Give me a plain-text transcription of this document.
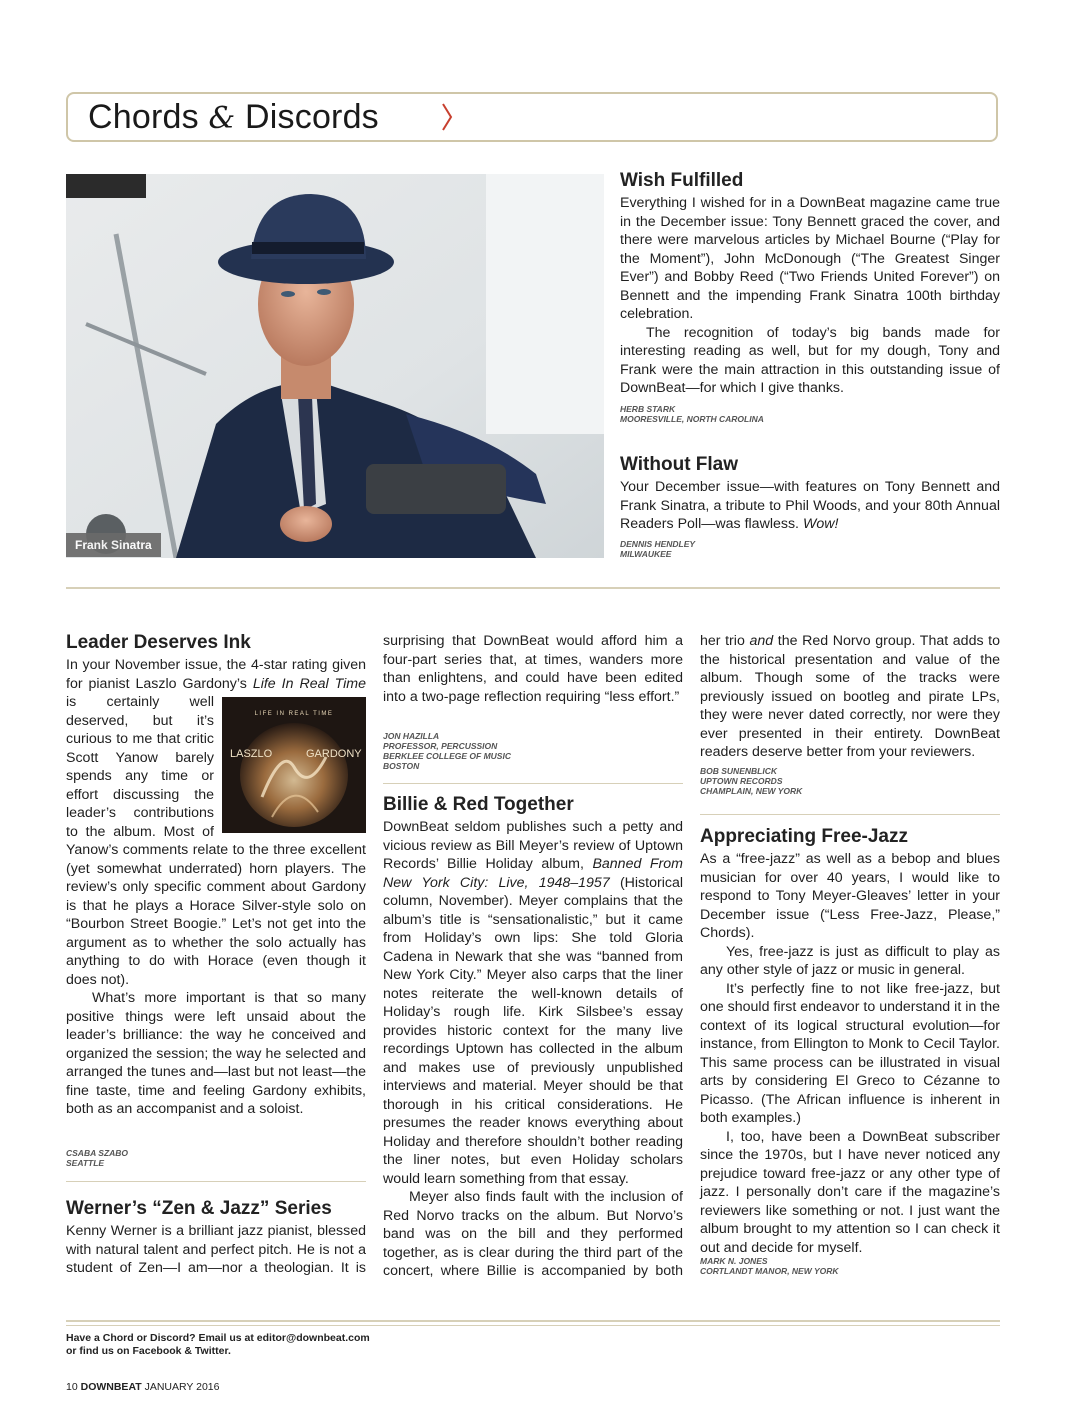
Chords & Discords
Frank Sinatra
Wish Fulfilled

Everything I wished for in a DownBeat magazine came true in the December issue: Tony Bennett graced the cover, and there were marvelous articles by Michael Bourne (“Play for the Moment”), John McDonough (“The Greatest Singer Ever”) and Bobby Reed (“Two Friends United Forever”) on Bennett and the impending Frank Sinatra 100th birthday celebration.

The recognition of today’s big bands made for interesting reading as well, but for my dough, Tony and Frank were the main attraction in this outstanding issue of DownBeat—for which I give thanks.

HERB STARK
MOORESVILLE, NORTH CAROLINA
Without Flaw

Your December issue—with features on Tony Bennett and Frank Sinatra, a tribute to Phil Woods, and your 80th Annual Readers Poll—was flawless. Wow!

DENNIS HENDLEY
MILWAUKEE
Leader Deserves Ink

In your November issue, the 4-star rating given for pianist Laszlo Gardony’s Life In Real Time
LIFE IN REAL TIME
LASZLO	GARDONY
is certainly well deserved, but it’s curious to me that critic Scott Yanow barely spends any time or effort discussing the leader’s contributions to the album. Most of Yanow’s comments relate to the three excellent (yet somewhat underrated) horn players. The review’s only specific comment about Gardony is that he plays a Horace Silver-style solo on “Bourbon Street Boogie.” Let’s not get into the argument as to whether the solo actually has anything to do with Horace (even though it does not).

What’s more important is that so many positive things were left unsaid about the leader’s brilliance: the way he conceived and organized the session; the way he selected and arranged the tunes and—last but not least—the fine taste, time and feeling Gardony exhibits, both as an accompanist and a soloist.

CSABA SZABO
SEATTLE
Werner’s “Zen & Jazz” Series

Kenny Werner is a brilliant jazz pianist, blessed with natural talent and perfect pitch. He is not a student of Zen—I am—nor a theologian. It is

surprising that DownBeat would afford him a four-part series that, at times, wanders more than enlightens, and could have been edited into a two-page reflection requiring “less effort.”

JON HAZILLA
PROFESSOR, PERCUSSION
BERKLEE COLLEGE OF MUSIC
BOSTON
Billie & Red Together

DownBeat seldom publishes such a petty and vicious review as Bill Meyer’s review of Uptown Records’ Billie Holiday album, Banned From New York City: Live, 1948–1957 (Historical column, November). Meyer complains that the album’s title is “sensationalistic,” but it came from Holiday’s own lips: She told Gloria Cadena in Newark that she was “banned from New York City.” Meyer also carps that the liner notes reiterate the well-known details of Holiday’s rough life. Kirk Silsbee’s essay provides historic context for the many live recordings Uptown has collected in the album and makes use of previously unpublished interviews and material. Meyer should be that thorough in his critical considerations. He presumes the reader knows everything about Holiday and therefore shouldn’t bother reading the liner notes, but even Holiday scholars would learn something from that essay.

Meyer also finds fault with the inclusion of Red Norvo tracks on the album. But Norvo’s band was on the bill and they performed together, as is clear during the third part of the concert, where Billie is accompanied by both

her trio and the Red Norvo group. That adds to the historical presentation and value of the album. Though some of the tracks were previously issued on bootleg and pirate LPs, they were never dated correctly, nor were they ever presented in their entirety. DownBeat readers deserve better from your reviewers.

BOB SUNENBLICK
UPTOWN RECORDS
CHAMPLAIN, NEW YORK
Appreciating Free-Jazz

As a “free-jazz” as well as a bebop and blues musician for over 40 years, I would like to respond to Tony Meyer-Gleaves’ letter in your December issue (“Less Free-Jazz, Please,” Chords).

Yes, free-jazz is just as difficult to play as any other style of jazz or music in general.

It’s perfectly fine to not like free-jazz, but one should first endeavor to understand it in the context of its logical structural evolution—for instance, from Ellington to Monk to Cecil Taylor. This same process can be illustrated in visual arts by considering El Greco to Cézanne to Picasso. (The African influence is inherent in both examples.)

I, too, have been a DownBeat subscriber since the 1970s, but I have never noticed any prejudice toward free-jazz or any other type of jazz. I personally don’t care if the magazine’s reviewers like something or not. I just want the album brought to my attention so I can check it out and decide for myself.

MARK N. JONES
CORTLANDT MANOR, NEW YORK
Have a Chord or Discord? Email us at editor@downbeat.com
or find us on Facebook & Twitter.
10 DOWNBEAT JANUARY 2016
